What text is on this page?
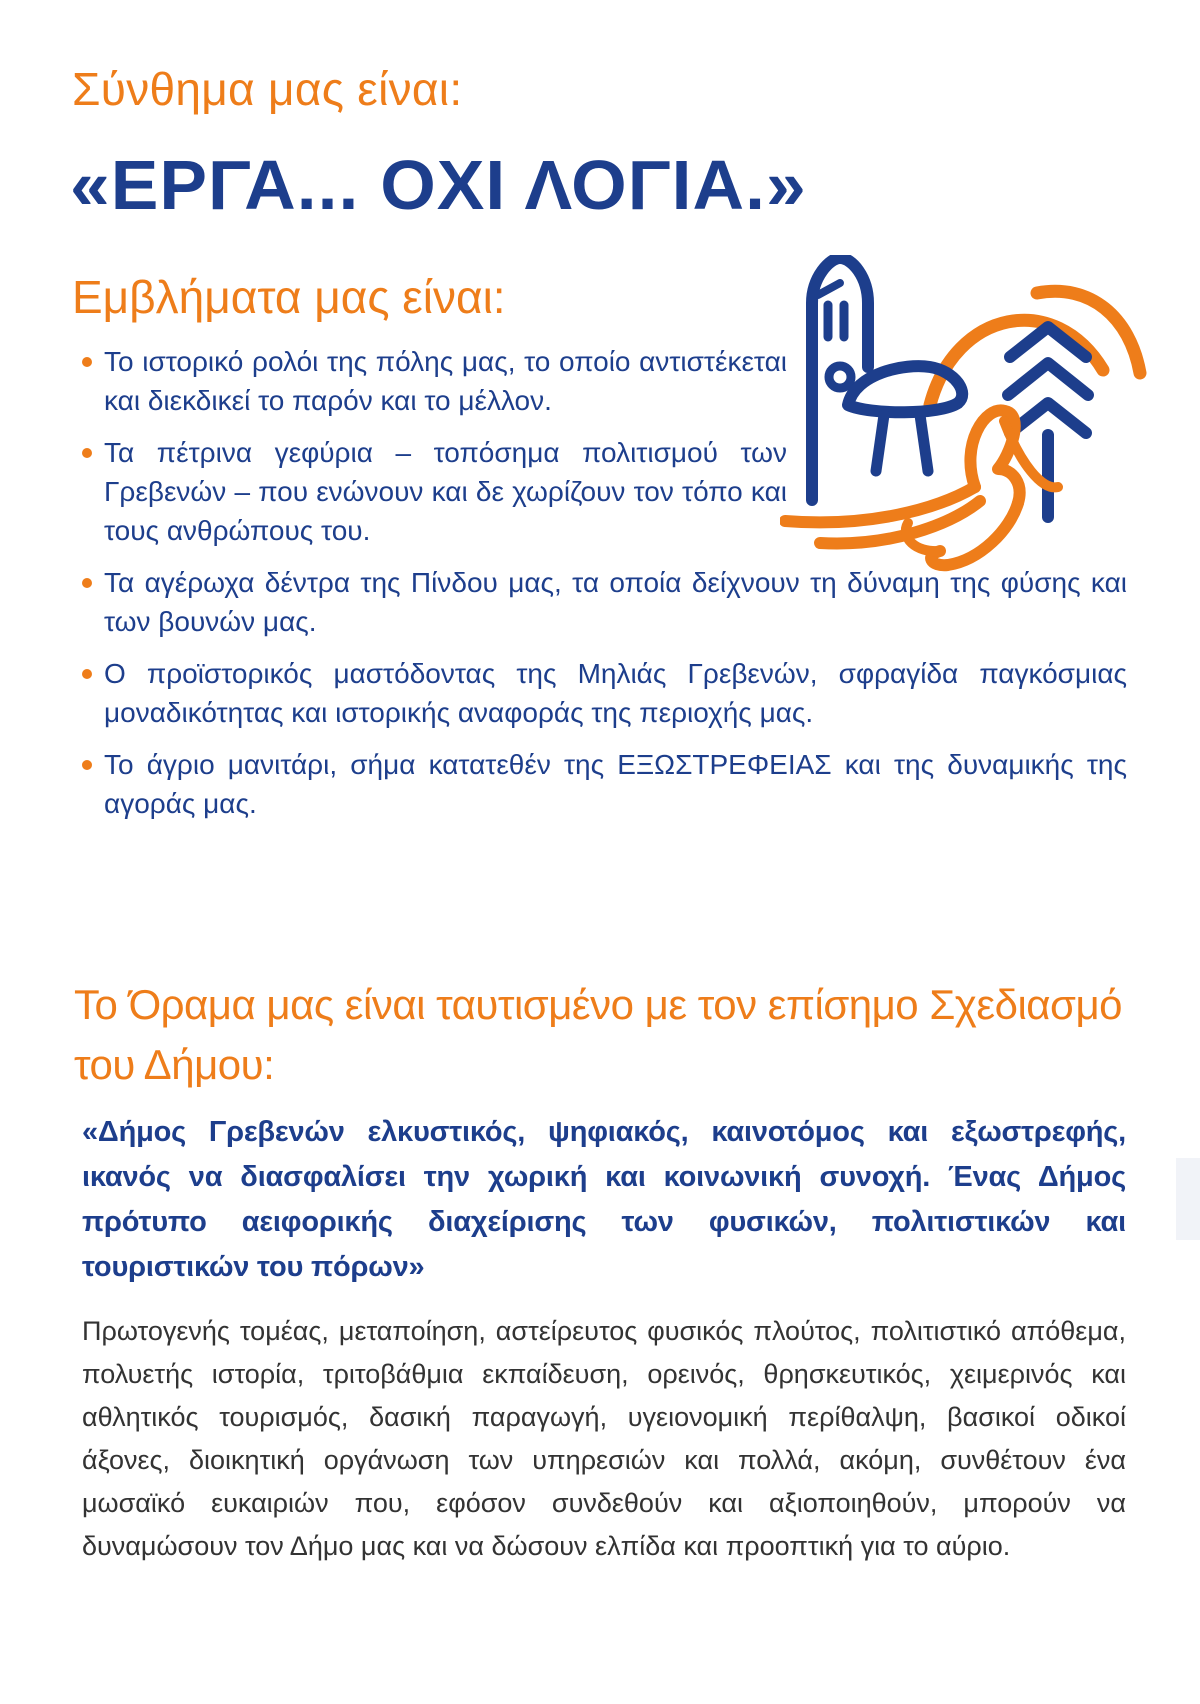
Σύνθημα μας είναι:
«ΕΡΓΑ... ΟΧΙ ΛΟΓΙΑ.»
Εμβλήματα μας είναι:
Το ιστορικό ρολόι της πόλης μας, το οποίο αντιστέκεται και διεκδικεί το παρόν και το μέλλον.
Τα πέτρινα γεφύρια – τοπόσημα πολιτισμού των Γρεβενών – που ενώνουν και δε χωρίζουν τον τόπο και τους ανθρώπους του.
Τα αγέρωχα δέντρα της Πίνδου μας, τα οποία δείχνουν τη δύναμη της φύσης και των βουνών μας.
Ο προϊστορικός μαστόδοντας της Μηλιάς Γρεβενών, σφραγίδα παγκόσμιας μοναδικότητας και ιστορικής αναφοράς της περιοχής μας.
Το άγριο μανιτάρι, σήμα κατατεθέν της ΕΞΩΣΤΡΕΦΕΙΑΣ και της δυναμικής της αγοράς μας.
Το Όραμα μας είναι ταυτισμένο με τον επίσημο Σχεδιασμό του Δήμου:

«Δήμος Γρεβενών ελκυστικός, ψηφιακός, καινοτόμος και εξωστρεφής, ικανός να διασφαλίσει την χωρική και κοινωνική συνοχή. Ένας Δήμος πρότυπο αειφορικής διαχείρισης των φυσικών, πολιτιστικών και τουριστικών του πόρων»

Πρωτογενής τομέας, μεταποίηση, αστείρευτος φυσικός πλούτος, πολιτιστικό απόθεμα, πολυετής ιστορία, τριτοβάθμια εκπαίδευση, ορεινός, θρησκευτικός, χειμερινός και αθλητικός τουρισμός, δασική παραγωγή, υγειονομική περίθαλψη, βασικοί οδικοί άξονες, διοικητική οργάνωση των υπηρεσιών και πολλά, ακόμη, συνθέτουν ένα μωσαϊκό ευκαιριών που, εφόσον συνδεθούν και αξιοποιηθούν, μπορούν να δυναμώσουν τον Δήμο μας και να δώσουν ελπίδα και προοπτική για το αύριο.
